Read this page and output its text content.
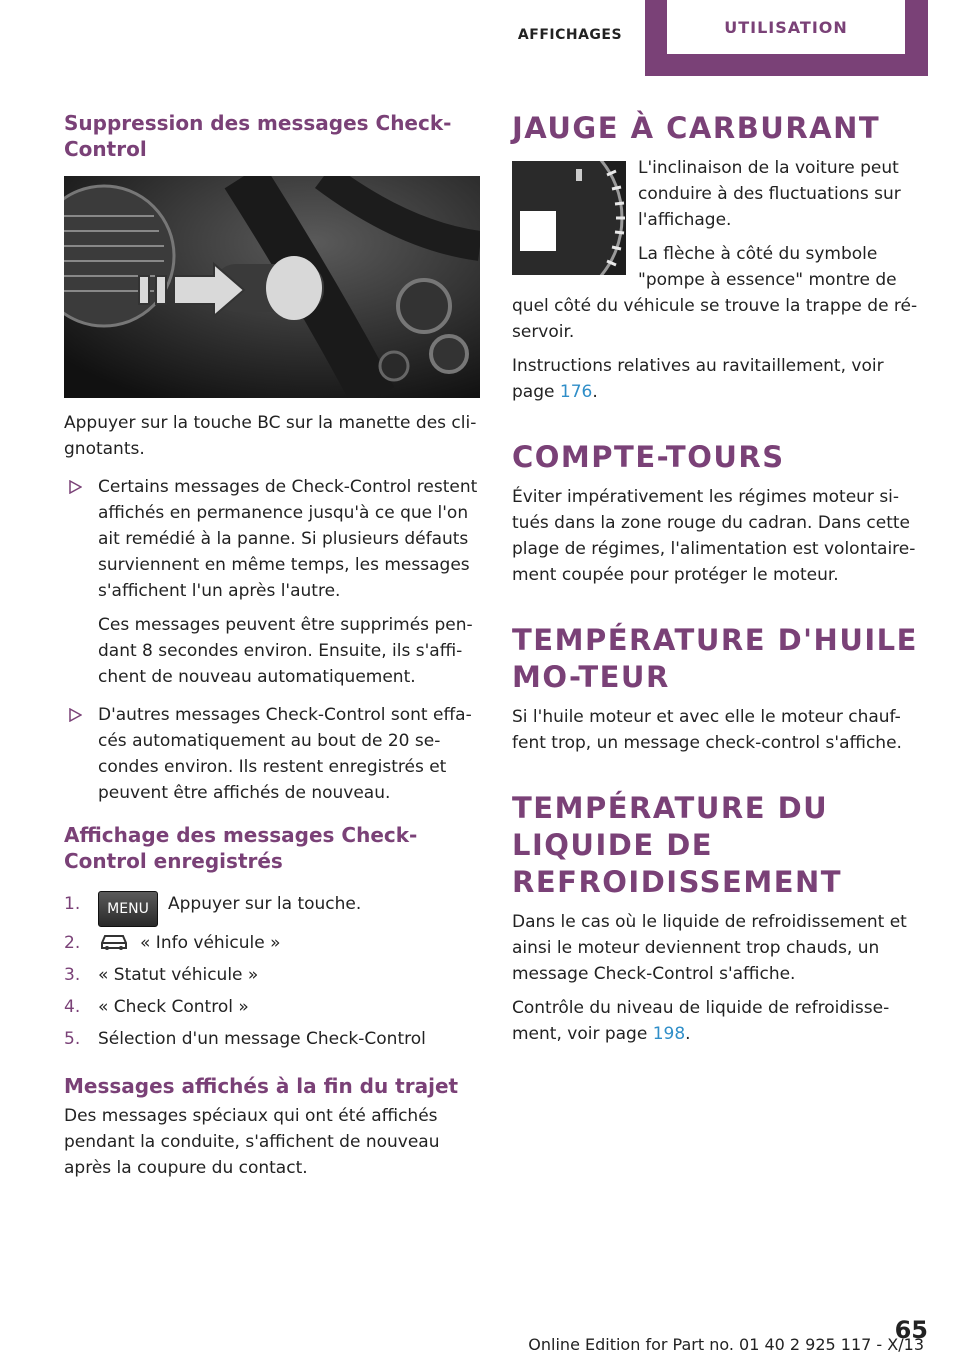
AFFICHAGES	UTILISATION
Suppression des messages Check-Control

Appuyer sur la touche BC sur la manette des cli-gnotants.

Certains messages de Check-Control restent affichés en permanence jusqu'à ce que l'on ait remédié à la panne. Si plusieurs défauts surviennent en même temps, les messages s'affichent l'un après l'autre.

Ces messages peuvent être supprimés pen-dant 8 secondes environ. Ensuite, ils s'affi-chent de nouveau automatiquement.

D'autres messages Check-Control sont effa-cés automatiquement au bout de 20 se-condes environ. Ils restent enregistrés et peuvent être affichés de nouveau.

Affichage des messages Check-Control enregistrés
1. MENU Appuyer sur la touche.
2.	« Info véhicule »
3. « Statut véhicule »
4. « Check Control »
5. Sélection d'un message Check-Control
Messages affichés à la fin du trajet

Des messages spéciaux qui ont été affichés pendant la conduite, s'affichent de nouveau après la coupure du contact.

JAUGE À CARBURANT

L'inclinaison de la voiture peut conduire à des fluctuations sur l'affichage.

La flèche à côté du symbole "pompe à essence" montre de quel côté du véhicule se trouve la trappe de ré-servoir.

Instructions relatives au ravitaillement, voir page 176.

COMPTE-TOURS

Éviter impérativement les régimes moteur si-tués dans la zone rouge du cadran. Dans cette plage de régimes, l'alimentation est volontaire-ment coupée pour protéger le moteur.

TEMPÉRATURE D'HUILE MO-TEUR

Si l'huile moteur et avec elle le moteur chauf-fent trop, un message check-control s'affiche.

TEMPÉRATURE DU LIQUIDE DE REFROIDISSEMENT

Dans le cas où le liquide de refroidissement et ainsi le moteur deviennent trop chauds, un message Check-Control s'affiche.

Contrôle du niveau de liquide de refroidisse-ment, voir page 198.

65
Online Edition for Part no. 01 40 2 925 117 - X/13
